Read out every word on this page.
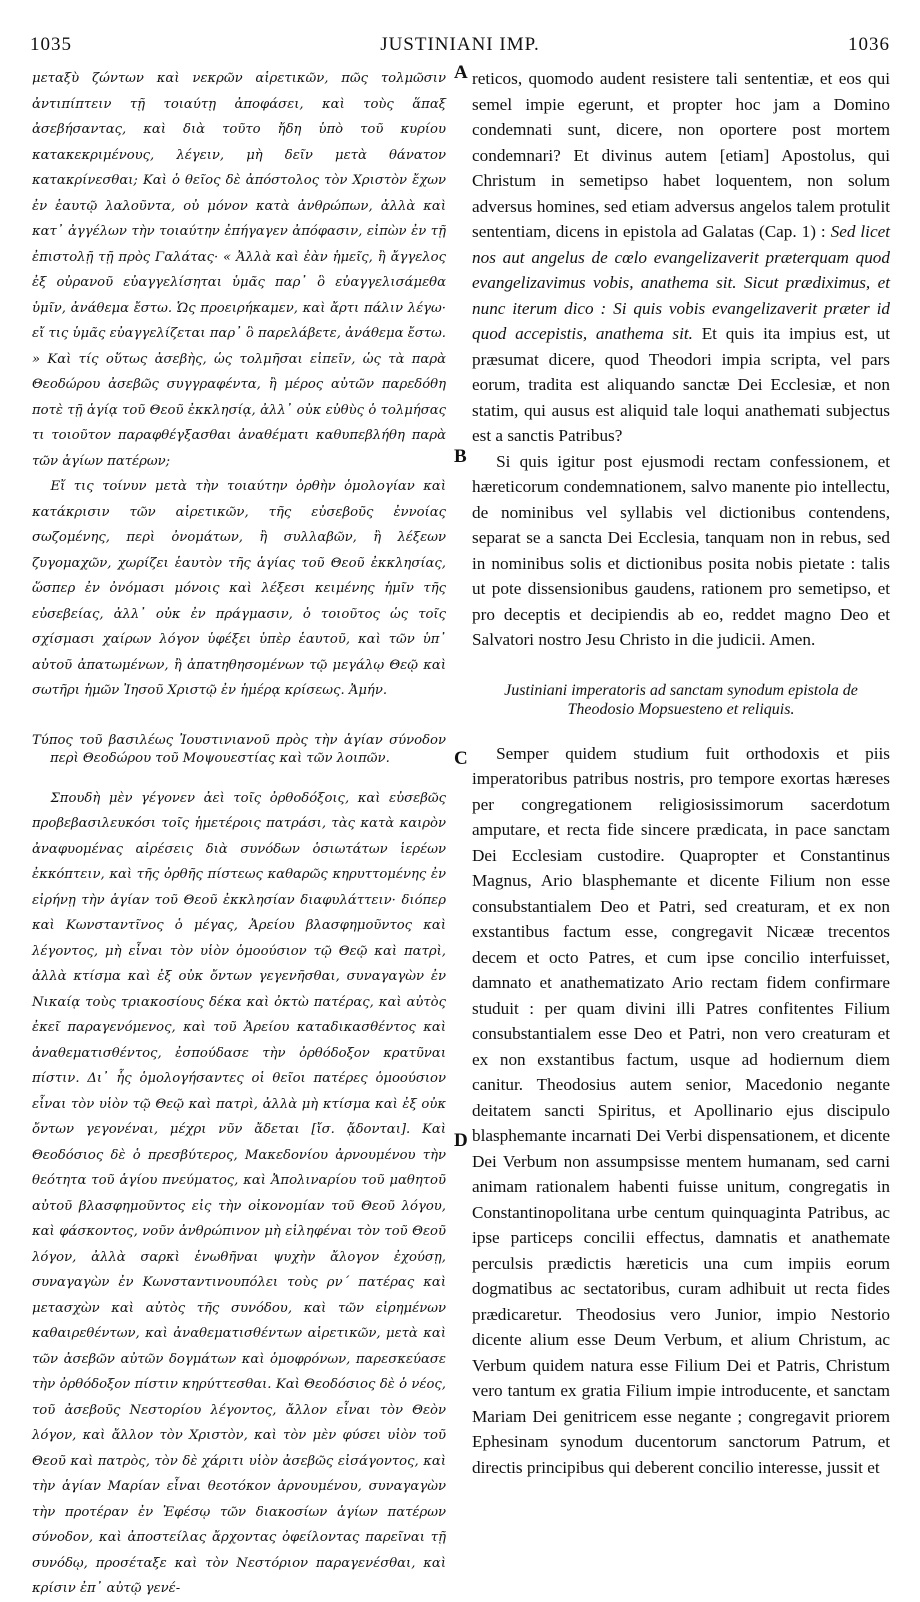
1035	JUSTINIANI IMP.	1036
A
B
C
D

μεταξὺ ζώντων καὶ νεκρῶν αἱρετικῶν, πῶς τολμῶσιν ἀντιπίπτειν τῇ τοιαύτῃ ἀποφάσει, καὶ τοὺς ἅπαξ ἀσεβήσαντας, καὶ διὰ τοῦτο ἤδη ὑπὸ τοῦ κυρίου κατακεκριμένους, λέγειν, μὴ δεῖν μετὰ θάνατον κατακρίνεσθαι; Καὶ ὁ θεῖος δὲ ἀπόστολος τὸν Χριστὸν ἔχων ἐν ἑαυτῷ λαλοῦντα, οὐ μόνον κατὰ ἀνθρώπων, ἀλλὰ καὶ κατ᾽ ἀγγέλων τὴν τοιαύτην ἐπήγαγεν ἀπόφασιν, εἰπὼν ἐν τῇ ἐπιστολῇ τῇ πρὸς Γαλάτας· « Ἀλλὰ καὶ ἐὰν ἡμεῖς, ἢ ἄγγελος ἐξ οὐρανοῦ εὐαγγελίσηται ὑμᾶς παρ᾽ ὃ εὐαγγελισάμεθα ὑμῖν, ἀνάθεμα ἔστω. Ὡς προειρήκαμεν, καὶ ἄρτι πάλιν λέγω· εἴ τις ὑμᾶς εὐαγγελίζεται παρ᾽ ὃ παρελάβετε, ἀνάθεμα ἔστω. » Καὶ τίς οὕτως ἀσεβὴς, ὡς τολμῆσαι εἰπεῖν, ὡς τὰ παρὰ Θεοδώρου ἀσεβῶς συγγραφέντα, ἢ μέρος αὐτῶν παρεδόθη ποτὲ τῇ ἁγίᾳ τοῦ Θεοῦ ἐκκλησίᾳ, ἀλλ᾽ οὐκ εὐθὺς ὁ τολμήσας τι τοιοῦτον παραφθέγξασθαι ἀναθέματι καθυπεβλήθη παρὰ τῶν ἁγίων πατέρων;

Εἴ τις τοίνυν μετὰ τὴν τοιαύτην ὀρθὴν ὁμολογίαν καὶ κατάκρισιν τῶν αἱρετικῶν, τῆς εὐσεβοῦς ἐννοίας σωζομένης, περὶ ὀνομάτων, ἢ συλλαβῶν, ἢ λέξεων ζυγομαχῶν, χωρίζει ἑαυτὸν τῆς ἁγίας τοῦ Θεοῦ ἐκκλησίας, ὥσπερ ἐν ὀνόμασι μόνοις καὶ λέξεσι κειμένης ἡμῖν τῆς εὐσεβείας, ἀλλ᾽ οὐκ ἐν πράγμασιν, ὁ τοιοῦτος ὡς τοῖς σχίσμασι χαίρων λόγον ὑφέξει ὑπὲρ ἑαυτοῦ, καὶ τῶν ὑπ᾽ αὐτοῦ ἀπατωμένων, ἢ ἀπατηθησομένων τῷ μεγάλῳ Θεῷ καὶ σωτῆρι ἡμῶν Ἰησοῦ Χριστῷ ἐν ἡμέρᾳ κρίσεως. Ἀμήν.

Τύπος τοῦ βασιλέως Ἰουστινιανοῦ πρὸς τὴν ἁγίαν σύνοδον περὶ Θεοδώρου τοῦ Μοψουεστίας καὶ τῶν λοιπῶν.

Σπουδὴ μὲν γέγονεν ἀεὶ τοῖς ὀρθοδόξοις, καὶ εὐσεβῶς προβεβασιλευκόσι τοῖς ἡμετέροις πατράσι, τὰς κατὰ καιρὸν ἀναφυομένας αἱρέσεις διὰ συνόδων ὁσιωτάτων ἱερέων ἐκκόπτειν, καὶ τῆς ὀρθῆς πίστεως καθαρῶς κηρυττομένης ἐν εἰρήνῃ τὴν ἁγίαν τοῦ Θεοῦ ἐκκλησίαν διαφυλάττειν· διόπερ καὶ Κωνσταντῖνος ὁ μέγας, Ἀρείου βλασφημοῦντος καὶ λέγοντος, μὴ εἶναι τὸν υἱὸν ὁμοούσιον τῷ Θεῷ καὶ πατρὶ, ἀλλὰ κτίσμα καὶ ἐξ οὐκ ὄντων γεγενῆσθαι, συναγαγὼν ἐν Νικαίᾳ τοὺς τριακοσίους δέκα καὶ ὀκτὼ πατέρας, καὶ αὐτὸς ἐκεῖ παραγενόμενος, καὶ τοῦ Ἀρείου καταδικασθέντος καὶ ἀναθεματισθέντος, ἐσπούδασε τὴν ὀρθόδοξον κρατῦναι πίστιν. Δι᾽ ἧς ὁμολογήσαντες οἱ θεῖοι πατέρες ὁμοούσιον εἶναι τὸν υἱὸν τῷ Θεῷ καὶ πατρὶ, ἀλλὰ μὴ κτίσμα καὶ ἐξ οὐκ ὄντων γεγονέναι, μέχρι νῦν ἄδεται [ἴσ. ᾄδονται]. Καὶ Θεοδόσιος δὲ ὁ πρεσβύτερος, Μακεδονίου ἀρνουμένου τὴν θεότητα τοῦ ἁγίου πνεύματος, καὶ Ἀπολιναρίου τοῦ μαθητοῦ αὐτοῦ βλασφημοῦντος εἰς τὴν οἰκονομίαν τοῦ Θεοῦ λόγου, καὶ φάσκοντος, νοῦν ἀνθρώπινον μὴ εἰληφέναι τὸν τοῦ Θεοῦ λόγον, ἀλλὰ σαρκὶ ἑνωθῆναι ψυχὴν ἄλογον ἐχούσῃ, συναγαγὼν ἐν Κωνσταντινουπόλει τοὺς ρν´ πατέρας καὶ μετασχὼν καὶ αὐτὸς τῆς συνόδου, καὶ τῶν εἰρημένων καθαιρεθέντων, καὶ ἀναθεματισθέντων αἱρετικῶν, μετὰ καὶ τῶν ἀσεβῶν αὐτῶν δογμάτων καὶ ὁμοφρόνων, παρεσκεύασε τὴν ὀρθόδοξον πίστιν κηρύττεσθαι. Καὶ Θεοδόσιος δὲ ὁ νέος, τοῦ ἀσεβοῦς Νεστορίου λέγοντος, ἄλλον εἶναι τὸν Θεὸν λόγον, καὶ ἄλλον τὸν Χριστὸν, καὶ τὸν μὲν φύσει υἱὸν τοῦ Θεοῦ καὶ πατρὸς, τὸν δὲ χάριτι υἱὸν ἀσεβῶς εἰσάγοντος, καὶ τὴν ἁγίαν Μαρίαν εἶναι θεοτόκον ἀρνουμένου, συναγαγὼν τὴν προτέραν ἐν Ἐφέσῳ τῶν διακοσίων ἁγίων πατέρων σύνοδον, καὶ ἀποστείλας ἄρχοντας ὀφείλοντας παρεῖναι τῇ συνόδῳ, προσέταξε καὶ τὸν Νεστόριον παραγενέσθαι, καὶ κρίσιν ἐπ᾽ αὐτῷ γενέ-

reticos, quomodo audent resistere tali sententiæ, et eos qui semel impie egerunt, et propter hoc jam a Domino condemnati sunt, dicere, non oportere post mortem condemnari? Et divinus autem [etiam] Apostolus, qui Christum in semetipso habet loquentem, non solum adversus homines, sed etiam adversus angelos talem protulit sententiam, dicens in epistola ad Galatas (Cap. 1) : Sed licet nos aut angelus de cœlo evangelizaverit præterquam quod evangelizavimus vobis, anathema sit. Sicut prædiximus, et nunc iterum dico : Si quis vobis evangelizaverit præter id quod accepistis, anathema sit. Et quis ita impius est, ut præsumat dicere, quod Theodori impia scripta, vel pars eorum, tradita est aliquando sanctæ Dei Ecclesiæ, et non statim, qui ausus est aliquid tale loqui anathemati subjectus est a sanctis Patribus?

Si quis igitur post ejusmodi rectam confessionem, et hæreticorum condemnationem, salvo manente pio intellectu, de nominibus vel syllabis vel dictionibus contendens, separat se a sancta Dei Ecclesia, tanquam non in rebus, sed in nominibus solis et dictionibus posita nobis pietate : talis ut pote dissensionibus gaudens, rationem pro semetipso, et pro deceptis et decipiendis ab eo, reddet magno Deo et Salvatori nostro Jesu Christo in die judicii. Amen.

Justiniani imperatoris ad sanctam synodum epistola de Theodosio Mopsuesteno et reliquis.

Semper quidem studium fuit orthodoxis et piis imperatoribus patribus nostris, pro tempore exortas hæreses per congregationem religiosissimorum sacerdotum amputare, et recta fide sincere prædicata, in pace sanctam Dei Ecclesiam custodire. Quapropter et Constantinus Magnus, Ario blasphemante et dicente Filium non esse consubstantialem Deo et Patri, sed creaturam, et ex non exstantibus factum esse, congregavit Nicææ trecentos decem et octo Patres, et cum ipse concilio interfuisset, damnato et anathematizato Ario rectam fidem confirmare studuit : per quam divini illi Patres confitentes Filium consubstantialem esse Deo et Patri, non vero creaturam et ex non exstantibus factum, usque ad hodiernum diem canitur. Theodosius autem senior, Macedonio negante deitatem sancti Spiritus, et Apollinario ejus discipulo blasphemante incarnati Dei Verbi dispensationem, et dicente Dei Verbum non assumpsisse mentem humanam, sed carni animam rationalem habenti fuisse unitum, congregatis in Constantinopolitana urbe centum quinquaginta Patribus, ac ipse particeps concilii effectus, damnatis et anathemate perculsis prædictis hæreticis una cum impiis eorum dogmatibus ac sectatoribus, curam adhibuit ut recta fides prædicaretur. Theodosius vero Junior, impio Nestorio dicente alium esse Deum Verbum, et alium Christum, ac Verbum quidem natura esse Filium Dei et Patris, Christum vero tantum ex gratia Filium impie introducente, et sanctam Mariam Dei genitricem esse negante ; congregavit priorem Ephesinam synodum ducentorum sanctorum Patrum, et directis principibus qui deberent concilio interesse, jussit et
